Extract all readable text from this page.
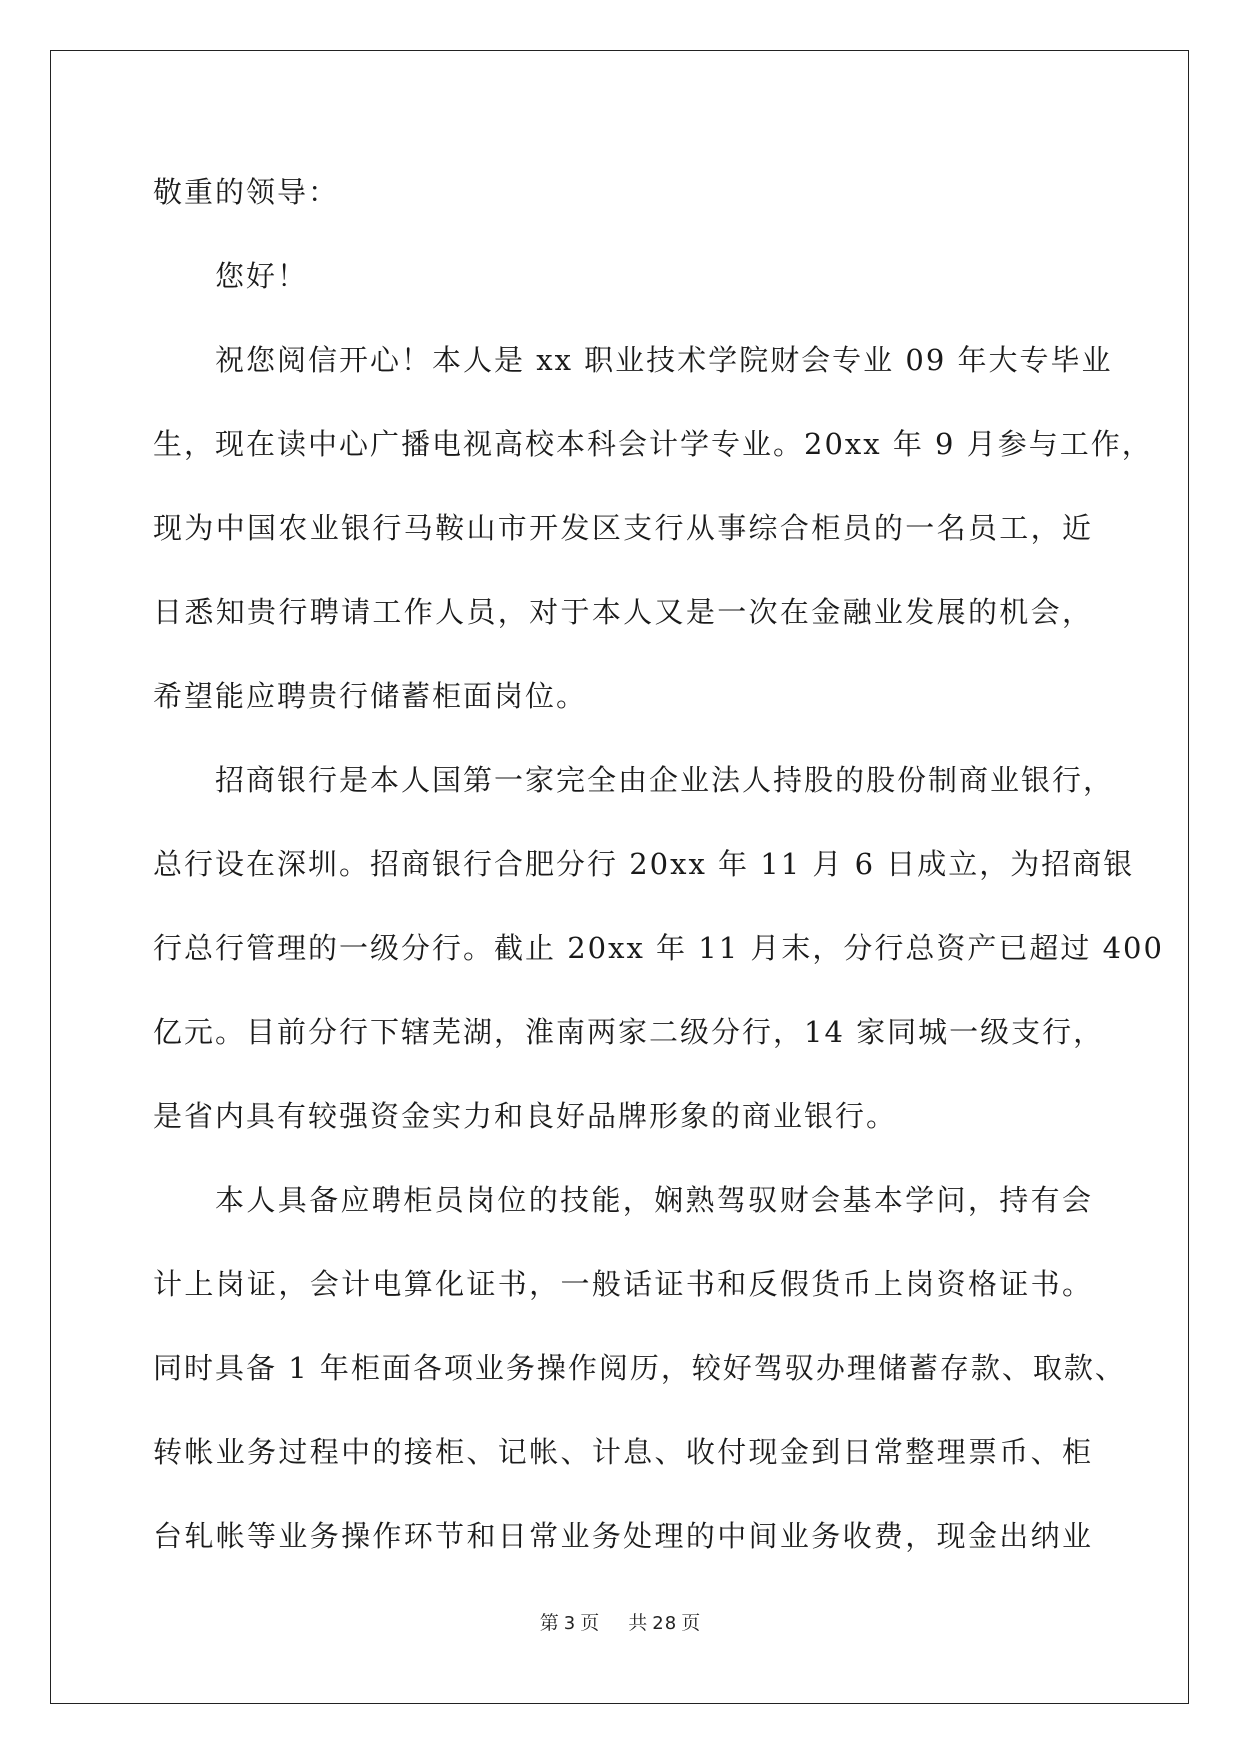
敬重的领导：
您好！
祝您阅信开心！本人是 xx 职业技术学院财会专业 09 年大专毕业
生，现在读中心广播电视高校本科会计学专业。20xx 年 9 月参与工作，
现为中国农业银行马鞍山市开发区支行从事综合柜员的一名员工，近
日悉知贵行聘请工作人员，对于本人又是一次在金融业发展的机会，
希望能应聘贵行储蓄柜面岗位。
招商银行是本人国第一家完全由企业法人持股的股份制商业银行，
总行设在深圳。招商银行合肥分行 20xx 年 11 月 6 日成立，为招商银
行总行管理的一级分行。截止 20xx 年 11 月末，分行总资产已超过 400
亿元。目前分行下辖芜湖，淮南两家二级分行，14 家同城一级支行，
是省内具有较强资金实力和良好品牌形象的商业银行。
本人具备应聘柜员岗位的技能，娴熟驾驭财会基本学问，持有会
计上岗证，会计电算化证书，一般话证书和反假货币上岗资格证书。
同时具备 1 年柜面各项业务操作阅历，较好驾驭办理储蓄存款、取款、
转帐业务过程中的接柜、记帐、计息、收付现金到日常整理票币、柜
台轧帐等业务操作环节和日常业务处理的中间业务收费，现金出纳业
第 3 页 共 28 页
